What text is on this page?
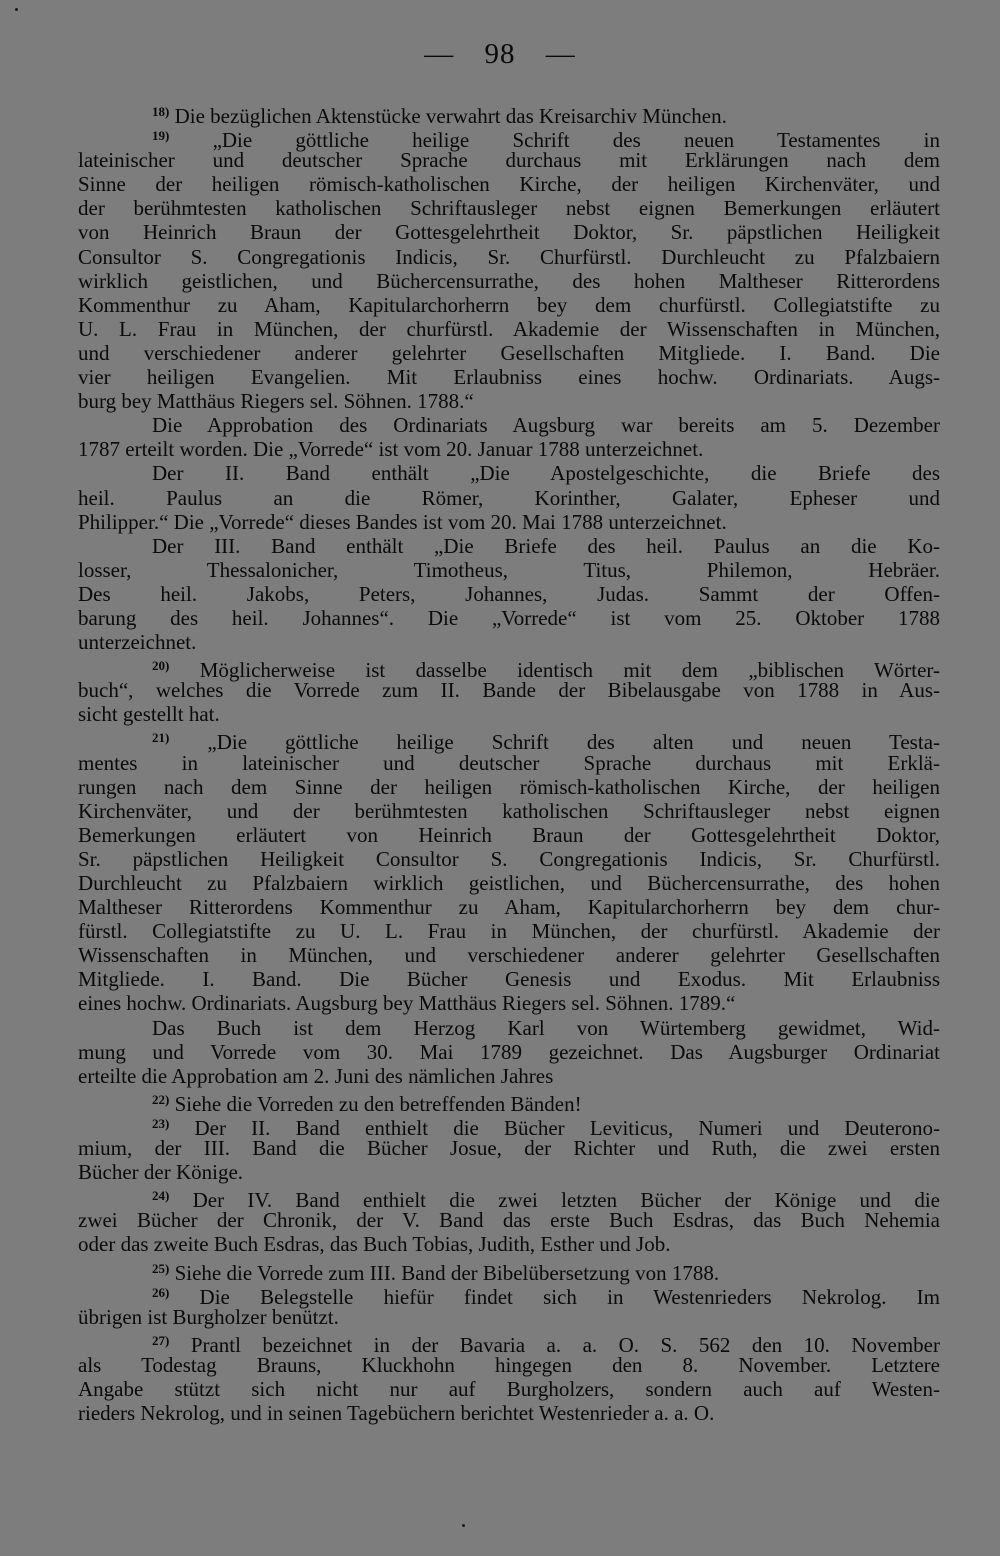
— 98 —
$^{18)}$ Die bezüglichen Aktenstücke verwahrt das Kreisarchiv München.
$^{19)}$ „Die göttliche heilige Schrift des neuen Testamentes in
lateinischer und deutscher Sprache durchaus mit Erklärungen nach dem
Sinne der heiligen römisch-katholischen Kirche, der heiligen Kirchenväter, und
der berühmtesten katholischen Schriftausleger nebst eignen Bemerkungen erläutert
von Heinrich Braun der Gottesgelehrtheit Doktor, Sr. päpstlichen Heiligkeit
Consultor S. Congregationis Indicis, Sr. Churfürstl. Durchleucht zu Pfalzbaiern
wirklich geistlichen, und Büchercensurrathe, des hohen Maltheser Ritterordens
Kommenthur zu Aham, Kapitularchorherrn bey dem churfürstl. Collegiatstifte zu
U. L. Frau in München, der churfürstl. Akademie der Wissenschaften in München,
und verschiedener anderer gelehrter Gesellschaften Mitgliede. I. Band. Die
vier heiligen Evangelien. Mit Erlaubniss eines hochw. Ordinariats. Augs-
burg bey Matthäus Riegers sel. Söhnen. 1788.“
Die Approbation des Ordinariats Augsburg war bereits am 5. Dezember
1787 erteilt worden. Die „Vorrede“ ist vom 20. Januar 1788 unterzeichnet.
Der II. Band enthält „Die Apostelgeschichte, die Briefe des
heil. Paulus an die Römer, Korinther, Galater, Epheser und
Philipper.“ Die „Vorrede“ dieses Bandes ist vom 20. Mai 1788 unterzeichnet.
Der III. Band enthält „Die Briefe des heil. Paulus an die Ko-
losser, Thessalonicher, Timotheus, Titus, Philemon, Hebräer.
Des heil. Jakobs, Peters, Johannes, Judas. Sammt der Offen-
barung des heil. Johannes“. Die „Vorrede“ ist vom 25. Oktober 1788
unterzeichnet.
$^{20)}$ Möglicherweise ist dasselbe identisch mit dem „biblischen Wörter-
buch“, welches die Vorrede zum II. Bande der Bibelausgabe von 1788 in Aus-
sicht gestellt hat.
$^{21)}$ „Die göttliche heilige Schrift des alten und neuen Testa-
mentes in lateinischer und deutscher Sprache durchaus mit Erklä-
rungen nach dem Sinne der heiligen römisch-katholischen Kirche, der heiligen
Kirchenväter, und der berühmtesten katholischen Schriftausleger nebst eignen
Bemerkungen erläutert von Heinrich Braun der Gottesgelehrtheit Doktor,
Sr. päpstlichen Heiligkeit Consultor S. Congregationis Indicis, Sr. Churfürstl.
Durchleucht zu Pfalzbaiern wirklich geistlichen, und Büchercensurrathe, des hohen
Maltheser Ritterordens Kommenthur zu Aham, Kapitularchorherrn bey dem chur-
fürstl. Collegiatstifte zu U. L. Frau in München, der churfürstl. Akademie der
Wissenschaften in München, und verschiedener anderer gelehrter Gesellschaften
Mitgliede. I. Band. Die Bücher Genesis und Exodus. Mit Erlaubniss
eines hochw. Ordinariats. Augsburg bey Matthäus Riegers sel. Söhnen. 1789.“
Das Buch ist dem Herzog Karl von Würtemberg gewidmet, Wid-
mung und Vorrede vom 30. Mai 1789 gezeichnet. Das Augsburger Ordinariat
erteilte die Approbation am 2. Juni des nämlichen Jahres
$^{22)}$ Siehe die Vorreden zu den betreffenden Bänden!
$^{23)}$ Der II. Band enthielt die Bücher Leviticus, Numeri und Deuterono-
mium, der III. Band die Bücher Josue, der Richter und Ruth, die zwei ersten
Bücher der Könige.
$^{24)}$ Der IV. Band enthielt die zwei letzten Bücher der Könige und die
zwei Bücher der Chronik, der V. Band das erste Buch Esdras, das Buch Nehemia
oder das zweite Buch Esdras, das Buch Tobias, Judith, Esther und Job.
$^{25)}$ Siehe die Vorrede zum III. Band der Bibelübersetzung von 1788.
$^{26)}$ Die Belegstelle hiefür findet sich in Westenrieders Nekrolog. Im
übrigen ist Burgholzer benützt.
$^{27)}$ Prantl bezeichnet in der Bavaria a. a. O. S. 562 den 10. November
als Todestag Brauns, Kluckhohn hingegen den 8. November. Letztere
Angabe stützt sich nicht nur auf Burgholzers, sondern auch auf Westen-
rieders Nekrolog, und in seinen Tagebüchern berichtet Westenrieder a. a. O.
